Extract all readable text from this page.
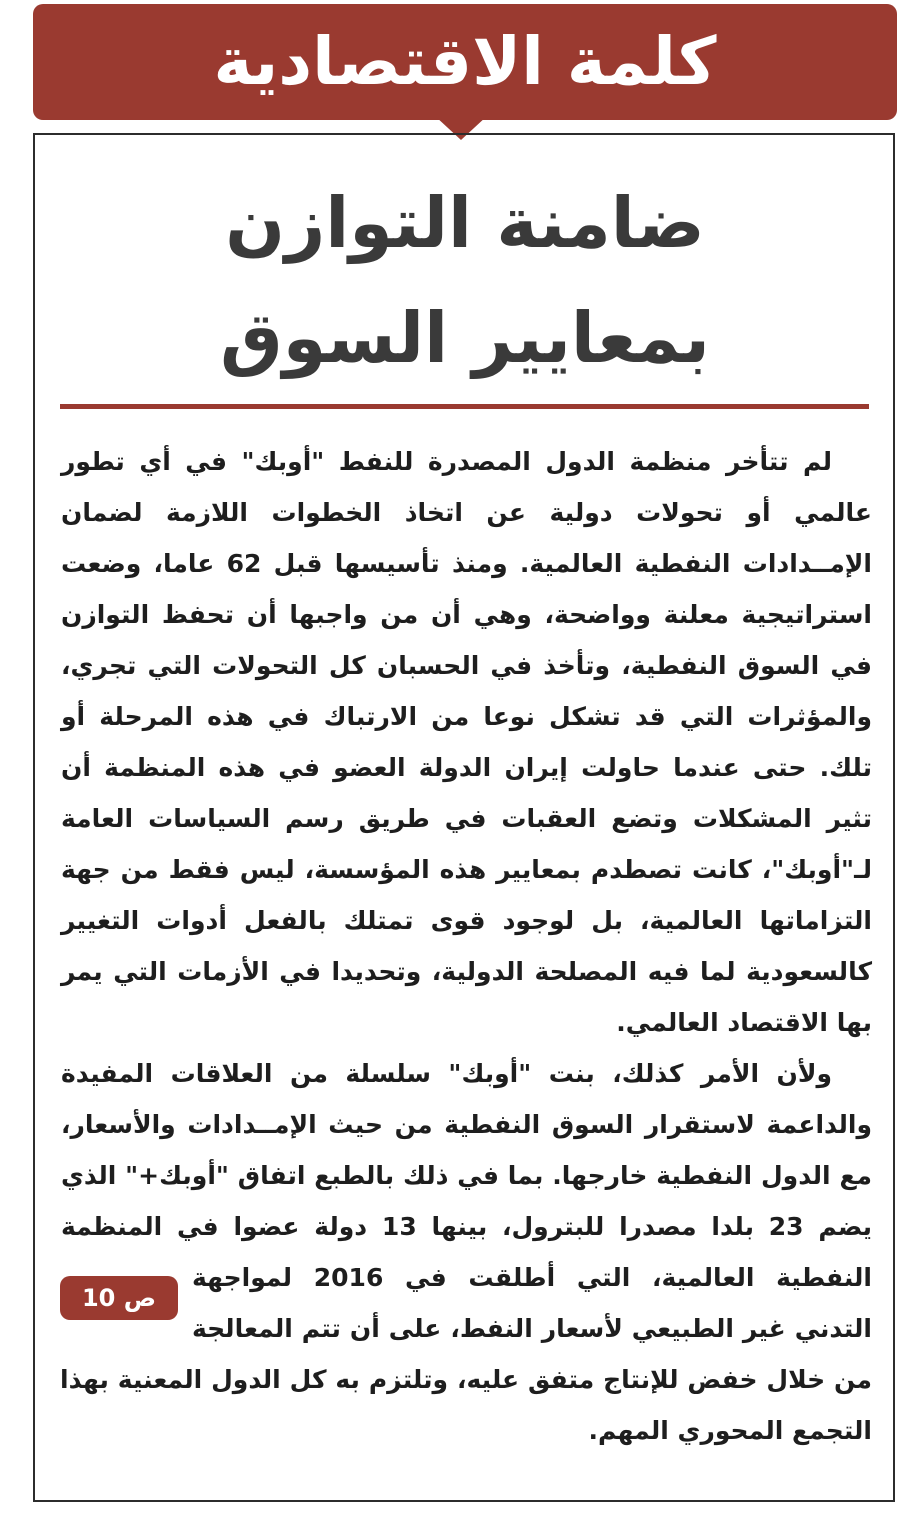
كلمة الاقتصادية
ضامنة التوازن
بمعايير السوق
ص 10

لم تتأخر منظمة الدول المصدرة للنفط "أوبك" في أي تطور عالمي أو تحولات دولية عن اتخاذ الخطوات اللازمة لضمان الإمــدادات النفطية العالمية. ومنذ تأسيسها قبل 62 عاما، وضعت استراتيجية معلنة وواضحة، وهي أن من واجبها أن تحفظ التوازن في السوق النفطية، وتأخذ في الحسبان كل التحولات التي تجري، والمؤثرات التي قد تشكل نوعا من الارتباك في هذه المرحلة أو تلك. حتى عندما حاولت إيران الدولة العضو في هذه المنظمة أن تثير المشكلات وتضع العقبات في طريق رسم السياسات العامة لـ"أوبك"، كانت تصطدم بمعايير هذه المؤسسة، ليس فقط من جهة التزاماتها العالمية، بل لوجود قوى تمتلك بالفعل أدوات التغيير كالسعودية لما فيه المصلحة الدولية، وتحديدا في الأزمات التي يمر بها الاقتصاد العالمي.

ولأن الأمر كذلك، بنت "أوبك" سلسلة من العلاقات المفيدة والداعمة لاستقرار السوق النفطية من حيث الإمــدادات والأسعار، مع الدول النفطية خارجها. بما في ذلك بالطبع اتفاق "أوبك+" الذي يضم 23 بلدا مصدرا للبترول، بينها 13 دولة عضوا في المنظمة النفطية العالمية، التي أطلقت في 2016 لمواجهة التدني غير الطبيعي لأسعار النفط، على أن تتم المعالجة من خلال خفض للإنتاج متفق عليه، وتلتزم به كل الدول المعنية بهذا التجمع المحوري المهم.
